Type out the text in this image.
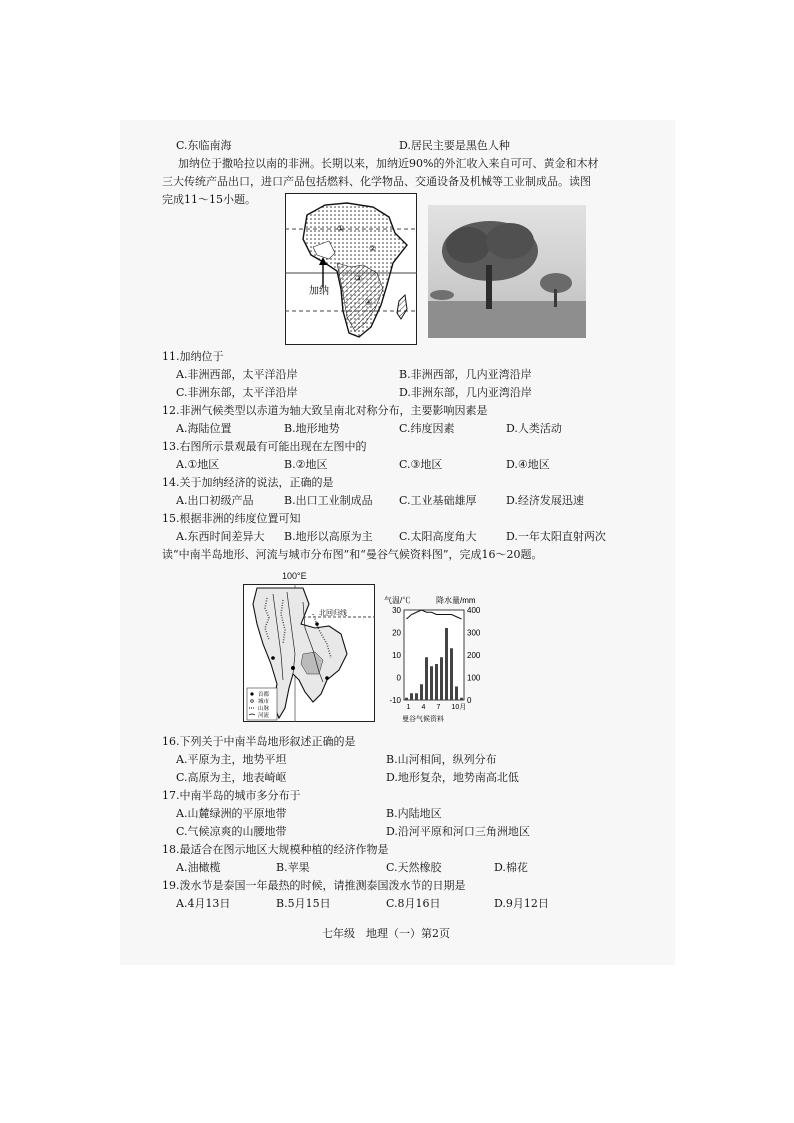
C.东临南海	D.居民主要是黑色人种
加纳位于撒哈拉以南的非洲。长期以来，加纳近90%的外汇收入来自可可、黄金和木材
三大传统产品出口，进口产品包括燃料、化学物品、交通设备及机械等工业制成品。读图
完成11～15小题。
加纳
①
②
③
④
11.加纳位于
A.非洲西部，太平洋沿岸	B.非洲西部，几内亚湾沿岸
C.非洲东部，太平洋沿岸	D.非洲东部，几内亚湾沿岸
12.非洲气候类型以赤道为轴大致呈南北对称分布，主要影响因素是
A.海陆位置	B.地形地势	C.纬度因素	D.人类活动
13.右图所示景观最有可能出现在左图中的
A.①地区	B.②地区	C.③地区	D.④地区
14.关于加纳经济的说法，正确的是
A.出口初级产品	B.出口工业制成品 C.工业基础雄厚	D.经济发展迅速
15.根据非洲的纬度位置可知
A.东西时间差异大 B.地形以高原为主 C.太阳高度角大	D.一年太阳直射两次
读“中南半岛地形、河流与城市分布图”和“曼谷气候资料图”，完成16～20题。
100°E
北回归线
首都
城市
山脉
河流
气温/℃	降水量/mm
30
20
10
0
-10
400
300
200
100
0
1 4 7 10月
曼谷气候资料
16.下列关于中南半岛地形叙述正确的是
A.平原为主，地势平坦	B.山河相间，纵列分布
C.高原为主，地表崎岖	D.地形复杂，地势南高北低
17.中南半岛的城市多分布于
A.山麓绿洲的平原地带	B.内陆地区
C.气候凉爽的山腰地带	D.沿河平原和河口三角洲地区
18.最适合在图示地区大规模种植的经济作物是
A.油橄榄	B.苹果	C.天然橡胶	D.棉花
19.泼水节是泰国一年最热的时候，请推测泰国泼水节的日期是
A.4月13日	B.5月15日	C.8月16日	D.9月12日
七年级　地理（一）第2页
